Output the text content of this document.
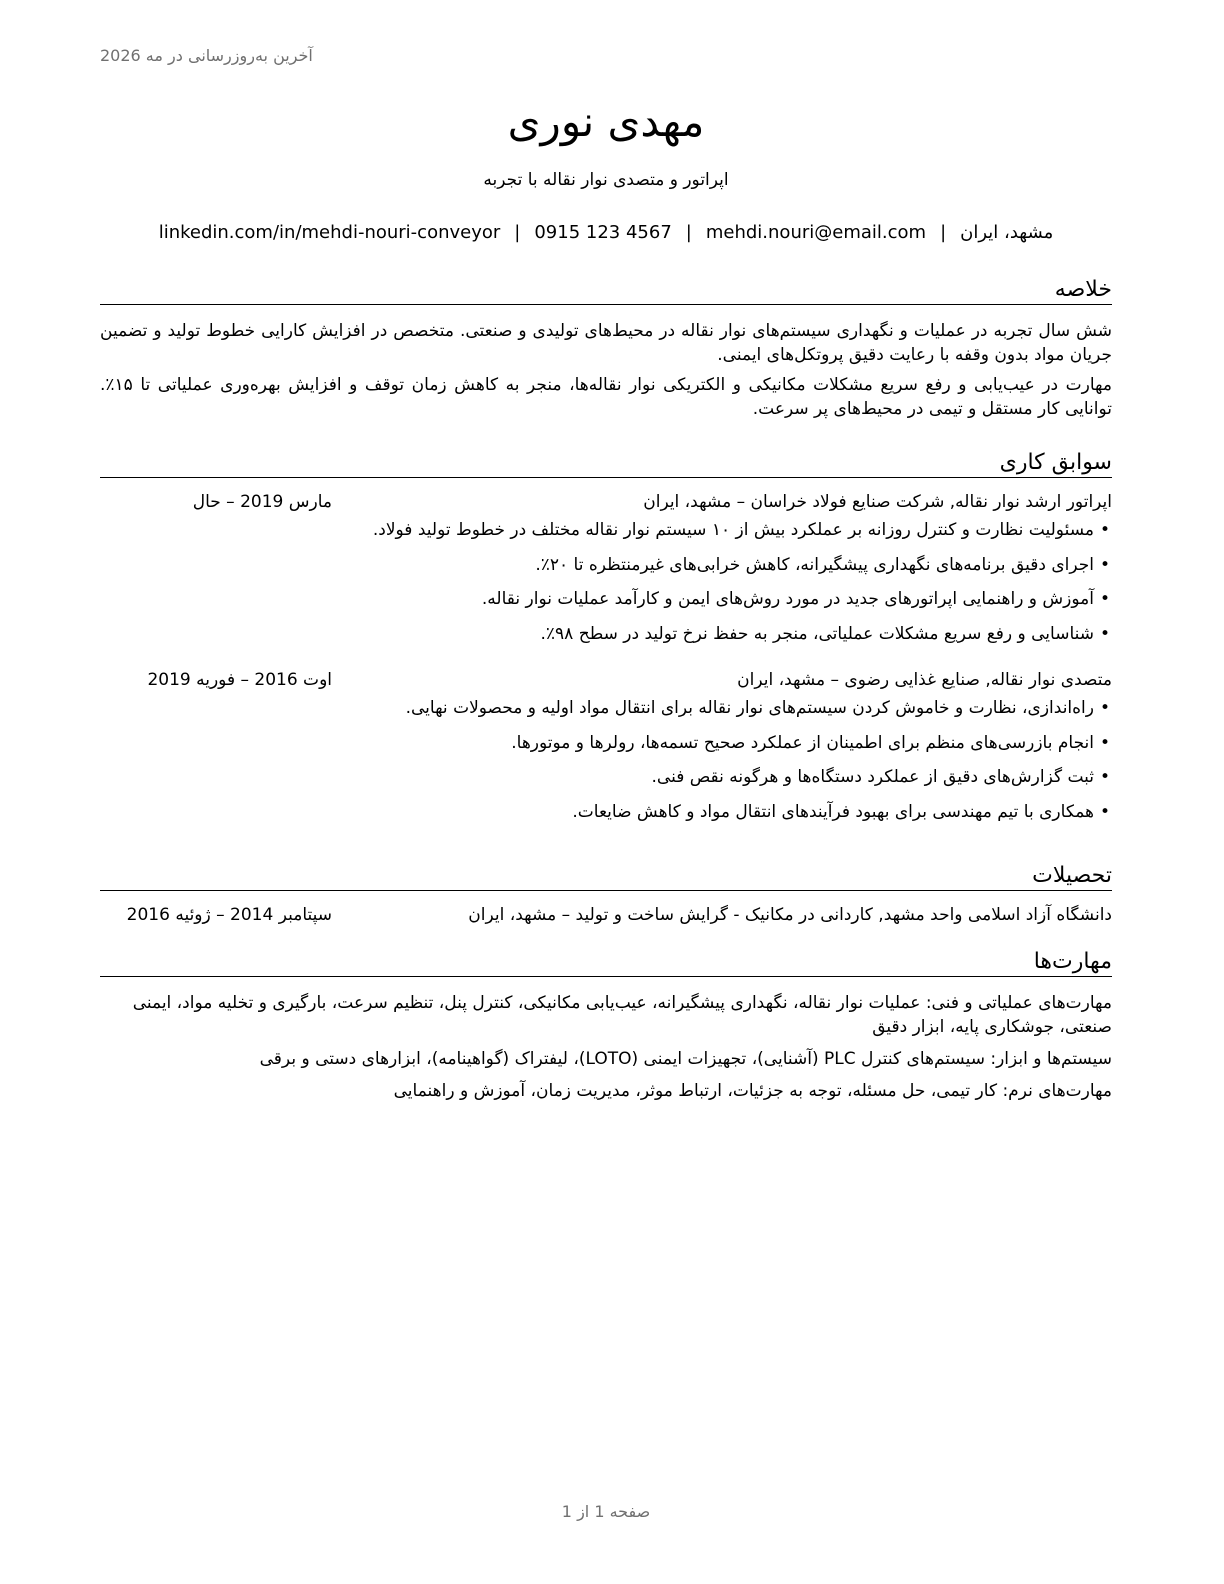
آخرین به‌روزرسانی در مه 2026
مهدی نوری
اپراتور و متصدی نوار نقاله با تجربه
مشهد، ایران|mehdi.nouri@email.com|0915 123 4567|linkedin.com/in/mehdi-nouri-conveyor
خلاصه
شش سال تجربه در عملیات و نگهداری سیستم‌های نوار نقاله در محیط‌های تولیدی و صنعتی. متخصص در افزایش کارایی خطوط تولید و تضمین جریان مواد بدون وقفه با رعایت دقیق پروتکل‌های ایمنی.
مهارت در عیب‌یابی و رفع سریع مشکلات مکانیکی و الکتریکی نوار نقاله‌ها، منجر به کاهش زمان توقف و افزایش بهره‌وری عملیاتی تا ۱۵٪. توانایی کار مستقل و تیمی در محیط‌های پر سرعت.
سوابق کاری
اپراتور ارشد نوار نقاله, شرکت صنایع فولاد خراسان – مشهد، ایران
مارس 2019 – حال
• مسئولیت نظارت و کنترل روزانه بر عملکرد بیش از ۱۰ سیستم نوار نقاله مختلف در خطوط تولید فولاد.
• اجرای دقیق برنامه‌های نگهداری پیشگیرانه، کاهش خرابی‌های غیرمنتظره تا ۲۰٪.
• آموزش و راهنمایی اپراتورهای جدید در مورد روش‌های ایمن و کارآمد عملیات نوار نقاله.
• شناسایی و رفع سریع مشکلات عملیاتی، منجر به حفظ نرخ تولید در سطح ۹۸٪.
متصدی نوار نقاله, صنایع غذایی رضوی – مشهد، ایران
اوت 2016 – فوریه 2019
• راه‌اندازی، نظارت و خاموش کردن سیستم‌های نوار نقاله برای انتقال مواد اولیه و محصولات نهایی.
• انجام بازرسی‌های منظم برای اطمینان از عملکرد صحیح تسمه‌ها، رولرها و موتورها.
• ثبت گزارش‌های دقیق از عملکرد دستگاه‌ها و هرگونه نقص فنی.
• همکاری با تیم مهندسی برای بهبود فرآیندهای انتقال مواد و کاهش ضایعات.
تحصیلات
دانشگاه آزاد اسلامی واحد مشهد, کاردانی در مکانیک - گرایش ساخت و تولید – مشهد، ایران
سپتامبر 2014 – ژوئیه 2016
مهارت‌ها
مهارت‌های عملیاتی و فنی: عملیات نوار نقاله، نگهداری پیشگیرانه، عیب‌یابی مکانیکی، کنترل پنل، تنظیم سرعت، بارگیری و تخلیه مواد، ایمنی صنعتی، جوشکاری پایه، ابزار دقیق
سیستم‌ها و ابزار: سیستم‌های کنترل PLC (آشنایی)، تجهیزات ایمنی (LOTO)، لیفتراک (گواهینامه)، ابزارهای دستی و برقی
مهارت‌های نرم: کار تیمی، حل مسئله، توجه به جزئیات، ارتباط موثر، مدیریت زمان، آموزش و راهنمایی
صفحه 1 از 1
